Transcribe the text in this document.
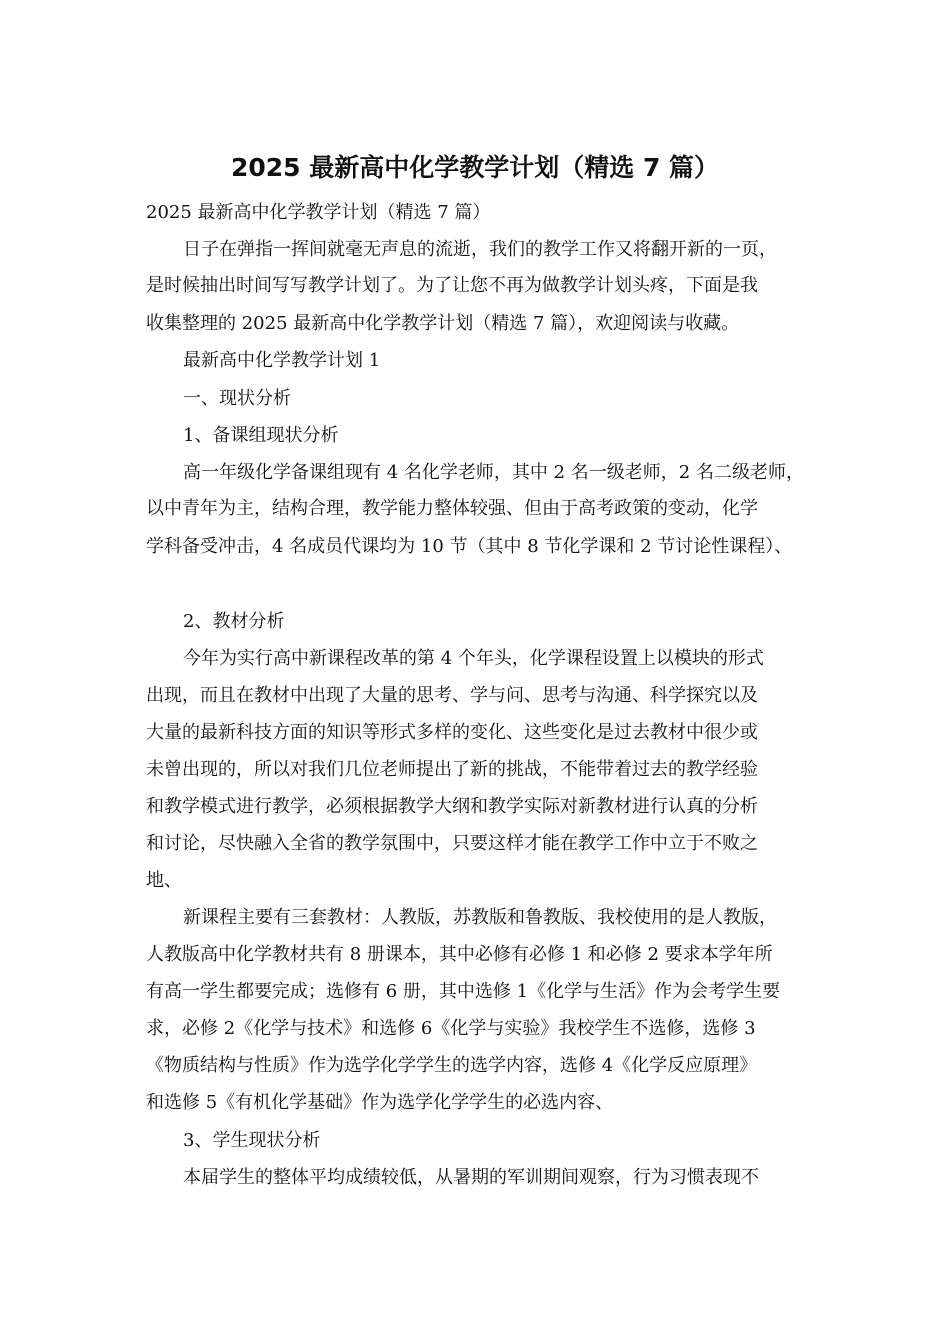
2025 最新高中化学教学计划（精选 7 篇）
2025 最新高中化学教学计划（精选 7 篇）
日子在弹指一挥间就毫无声息的流逝，我们的教学工作又将翻开新的一页，
是时候抽出时间写写教学计划了。为了让您不再为做教学计划头疼，下面是我
收集整理的 2025 最新高中化学教学计划（精选 7 篇），欢迎阅读与收藏。
最新高中化学教学计划 1
一、现状分析
1、备课组现状分析
高一年级化学备课组现有 4 名化学老师，其中 2 名一级老师，2 名二级老师，
以中青年为主，结构合理，教学能力整体较强、但由于高考政策的变动，化学
学科备受冲击，4 名成员代课均为 10 节（其中 8 节化学课和 2 节讨论性课程）、
2、教材分析
今年为实行高中新课程改革的第 4 个年头，化学课程设置上以模块的形式
出现，而且在教材中出现了大量的思考、学与问、思考与沟通、科学探究以及
大量的最新科技方面的知识等形式多样的变化、这些变化是过去教材中很少或
未曾出现的，所以对我们几位老师提出了新的挑战，不能带着过去的教学经验
和教学模式进行教学，必须根据教学大纲和教学实际对新教材进行认真的分析
和讨论，尽快融入全省的教学氛围中，只要这样才能在教学工作中立于不败之
地、
新课程主要有三套教材：人教版，苏教版和鲁教版、我校使用的是人教版，
人教版高中化学教材共有 8 册课本，其中必修有必修 1 和必修 2 要求本学年所
有高一学生都要完成；选修有 6 册，其中选修 1《化学与生活》作为会考学生要
求，必修 2《化学与技术》和选修 6《化学与实验》我校学生不选修，选修 3
《物质结构与性质》作为选学化学学生的选学内容，选修 4《化学反应原理》
和选修 5《有机化学基础》作为选学化学学生的必选内容、
3、学生现状分析
本届学生的整体平均成绩较低，从暑期的军训期间观察，行为习惯表现不
